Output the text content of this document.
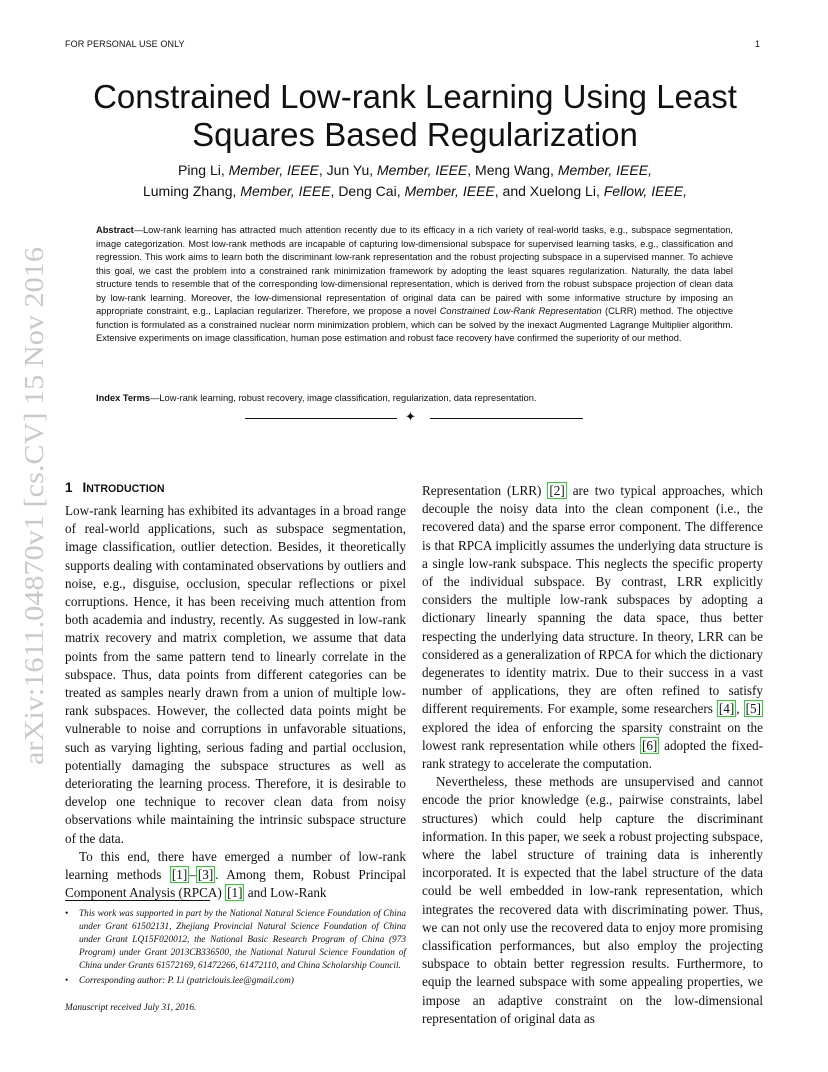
FOR PERSONAL USE ONLY	1
arXiv:1611.04870v1 [cs.CV] 15 Nov 2016
Constrained Low-rank Learning Using Least
Squares Based Regularization
Ping Li, Member, IEEE, Jun Yu, Member, IEEE, Meng Wang, Member, IEEE,
Luming Zhang, Member, IEEE, Deng Cai, Member, IEEE, and Xuelong Li, Fellow, IEEE,
Abstract—Low-rank learning has attracted much attention recently due to its efficacy in a rich variety of real-world tasks, e.g., subspace segmentation, image categorization. Most low-rank methods are incapable of capturing low-dimensional subspace for supervised learning tasks, e.g., classification and regression. This work aims to learn both the discriminant low-rank representation and the robust projecting subspace in a supervised manner. To achieve this goal, we cast the problem into a constrained rank minimization framework by adopting the least squares regularization. Naturally, the data label structure tends to resemble that of the corresponding low-dimensional representation, which is derived from the robust subspace projection of clean data by low-rank learning. Moreover, the low-dimensional representation of original data can be paired with some informative structure by imposing an appropriate constraint, e.g., Laplacian regularizer. Therefore, we propose a novel Constrained Low-Rank Representation (CLRR) method. The objective function is formulated as a constrained nuclear norm minimization problem, which can be solved by the inexact Augmented Lagrange Multiplier algorithm. Extensive experiments on image classification, human pose estimation and robust face recovery have confirmed the superiority of our method.
Index Terms—Low-rank learning, robust recovery, image classification, regularization, data representation.
✦
1 INTRODUCTION

Low-rank learning has exhibited its advantages in a broad range of real-world applications, such as subspace segmentation, image classification, outlier detection. Besides, it theoretically supports dealing with contaminated observations by outliers and noise, e.g., disguise, occlusion, specular reflections or pixel corruptions. Hence, it has been receiving much attention from both academia and industry, recently. As suggested in low-rank matrix recovery and matrix completion, we assume that data points from the same pattern tend to linearly correlate in the subspace. Thus, data points from different categories can be treated as samples nearly drawn from a union of multiple low-rank subspaces. However, the collected data points might be vulnerable to noise and corruptions in unfavorable situations, such as varying lighting, serious fading and partial occlusion, potentially damaging the subspace structures as well as deteriorating the learning process. Therefore, it is desirable to develop one technique to recover clean data from noisy observations while maintaining the intrinsic subspace structure of the data.

To this end, there have emerged a number of low-rank learning methods [1] – [3] . Among them, Robust Principal Component Analysis (RPCA) [1] and Low-Rank

Representation (LRR) [2] are two typical approaches, which decouple the noisy data into the clean component (i.e., the recovered data) and the sparse error component. The difference is that RPCA implicitly assumes the underlying data structure is a single low-rank subspace. This neglects the specific property of the individual subspace. By contrast, LRR explicitly considers the multiple low-rank subspaces by adopting a dictionary linearly spanning the data space, thus better respecting the underlying data structure. In theory, LRR can be considered as a generalization of RPCA for which the dictionary degenerates to identity matrix. Due to their success in a vast number of applications, they are often refined to satisfy different requirements. For example, some researchers [4] , [5] explored the idea of enforcing the sparsity constraint on the lowest rank representation while others [6] adopted the fixed-rank strategy to accelerate the computation.

Nevertheless, these methods are unsupervised and cannot encode the prior knowledge (e.g., pairwise constraints, label structures) which could help capture the discriminant information. In this paper, we seek a robust projecting subspace, where the label structure of training data is inherently incorporated. It is expected that the label structure of the data could be well embedded in low-rank representation, which integrates the recovered data with discriminating power. Thus, we can not only use the recovered data to enjoy more promising classification performances, but also employ the projecting subspace to obtain better regression results. Furthermore, to equip the learned subspace with some appealing properties, we impose an adaptive constraint on the low-dimensional representation of original data as

• This work was supported in part by the National Natural Science Foundation of China under Grant 61502131, Zhejiang Provincial Natural Science Foundation of China under Grant LQ15F020012, the National Basic Research Program of China (973 Program) under Grant 2013CB336500, the National Natural Science Foundation of China under Grants 61572169, 61472266, 61472110, and China Scholarship Council.
• Corresponding author: P. Li (patriclouis.lee@gmail.com)
Manuscript received July 31, 2016.
